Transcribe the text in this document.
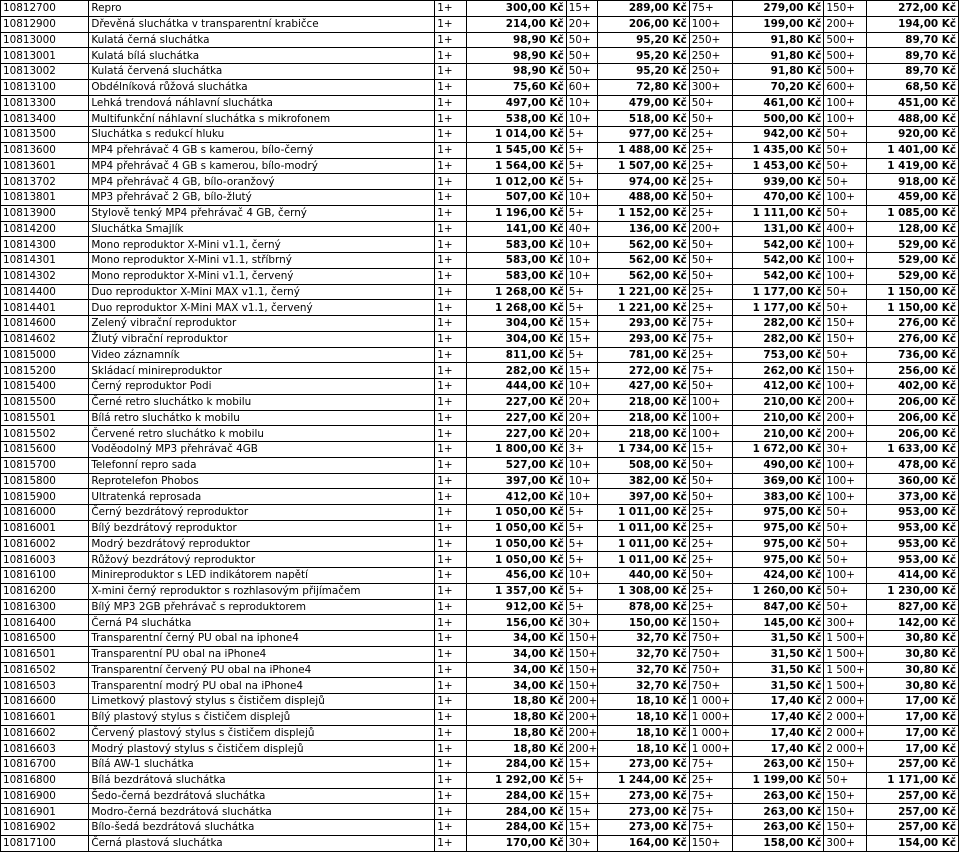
10812700	Repro	1+	300,00 Kč	15+	289,00 Kč	75+	279,00 Kč	150+	272,00 Kč
10812900	Dřevěná sluchátka v transparentní krabičce	1+	214,00 Kč	20+	206,00 Kč	100+	199,00 Kč	200+	194,00 Kč
10813000	Kulatá černá sluchátka	1+	98,90 Kč	50+	95,20 Kč	250+	91,80 Kč	500+	89,70 Kč
10813001	Kulatá bílá sluchátka	1+	98,90 Kč	50+	95,20 Kč	250+	91,80 Kč	500+	89,70 Kč
10813002	Kulatá červená sluchátka	1+	98,90 Kč	50+	95,20 Kč	250+	91,80 Kč	500+	89,70 Kč
10813100	Obdélníková růžová sluchátka	1+	75,60 Kč	60+	72,80 Kč	300+	70,20 Kč	600+	68,50 Kč
10813300	Lehká trendová náhlavní sluchátka	1+	497,00 Kč	10+	479,00 Kč	50+	461,00 Kč	100+	451,00 Kč
10813400	Multifunkční náhlavní sluchátka s mikrofonem	1+	538,00 Kč	10+	518,00 Kč	50+	500,00 Kč	100+	488,00 Kč
10813500	Sluchátka s redukcí hluku	1+	1 014,00 Kč	5+	977,00 Kč	25+	942,00 Kč	50+	920,00 Kč
10813600	MP4 přehrávač 4 GB s kamerou, bílo-černý	1+	1 545,00 Kč	5+	1 488,00 Kč	25+	1 435,00 Kč	50+	1 401,00 Kč
10813601	MP4 přehrávač 4 GB s kamerou, bílo-modrý	1+	1 564,00 Kč	5+	1 507,00 Kč	25+	1 453,00 Kč	50+	1 419,00 Kč
10813702	MP4 přehrávač 4 GB, bílo-oranžový	1+	1 012,00 Kč	5+	974,00 Kč	25+	939,00 Kč	50+	918,00 Kč
10813801	MP3 přehrávač 2 GB, bílo-žlutý	1+	507,00 Kč	10+	488,00 Kč	50+	470,00 Kč	100+	459,00 Kč
10813900	Stylově tenký MP4 přehrávač 4 GB, černý	1+	1 196,00 Kč	5+	1 152,00 Kč	25+	1 111,00 Kč	50+	1 085,00 Kč
10814200	Sluchátka Smajlík	1+	141,00 Kč	40+	136,00 Kč	200+	131,00 Kč	400+	128,00 Kč
10814300	Mono reproduktor X-Mini v1.1, černý	1+	583,00 Kč	10+	562,00 Kč	50+	542,00 Kč	100+	529,00 Kč
10814301	Mono reproduktor X-Mini v1.1, stříbrný	1+	583,00 Kč	10+	562,00 Kč	50+	542,00 Kč	100+	529,00 Kč
10814302	Mono reproduktor X-Mini v1.1, červený	1+	583,00 Kč	10+	562,00 Kč	50+	542,00 Kč	100+	529,00 Kč
10814400	Duo reproduktor X-Mini MAX v1.1, černý	1+	1 268,00 Kč	5+	1 221,00 Kč	25+	1 177,00 Kč	50+	1 150,00 Kč
10814401	Duo reproduktor X-Mini MAX v1.1, červený	1+	1 268,00 Kč	5+	1 221,00 Kč	25+	1 177,00 Kč	50+	1 150,00 Kč
10814600	Zelený vibrační reproduktor	1+	304,00 Kč	15+	293,00 Kč	75+	282,00 Kč	150+	276,00 Kč
10814602	Žlutý vibrační reproduktor	1+	304,00 Kč	15+	293,00 Kč	75+	282,00 Kč	150+	276,00 Kč
10815000	Video záznamník	1+	811,00 Kč	5+	781,00 Kč	25+	753,00 Kč	50+	736,00 Kč
10815200	Skládací minireproduktor	1+	282,00 Kč	15+	272,00 Kč	75+	262,00 Kč	150+	256,00 Kč
10815400	Černý reproduktor Podi	1+	444,00 Kč	10+	427,00 Kč	50+	412,00 Kč	100+	402,00 Kč
10815500	Černé retro sluchátko k mobilu	1+	227,00 Kč	20+	218,00 Kč	100+	210,00 Kč	200+	206,00 Kč
10815501	Bílá retro sluchátko k mobilu	1+	227,00 Kč	20+	218,00 Kč	100+	210,00 Kč	200+	206,00 Kč
10815502	Červené retro sluchátko k mobilu	1+	227,00 Kč	20+	218,00 Kč	100+	210,00 Kč	200+	206,00 Kč
10815600	Voděodolný MP3 přehrávač 4GB	1+	1 800,00 Kč	3+	1 734,00 Kč	15+	1 672,00 Kč	30+	1 633,00 Kč
10815700	Telefonní repro sada	1+	527,00 Kč	10+	508,00 Kč	50+	490,00 Kč	100+	478,00 Kč
10815800	Reprotelefon Phobos	1+	397,00 Kč	10+	382,00 Kč	50+	369,00 Kč	100+	360,00 Kč
10815900	Ultratenká reprosada	1+	412,00 Kč	10+	397,00 Kč	50+	383,00 Kč	100+	373,00 Kč
10816000	Černý bezdrátový reproduktor	1+	1 050,00 Kč	5+	1 011,00 Kč	25+	975,00 Kč	50+	953,00 Kč
10816001	Bílý bezdrátový reproduktor	1+	1 050,00 Kč	5+	1 011,00 Kč	25+	975,00 Kč	50+	953,00 Kč
10816002	Modrý bezdrátový reproduktor	1+	1 050,00 Kč	5+	1 011,00 Kč	25+	975,00 Kč	50+	953,00 Kč
10816003	Růžový bezdrátový reproduktor	1+	1 050,00 Kč	5+	1 011,00 Kč	25+	975,00 Kč	50+	953,00 Kč
10816100	Minireproduktor s LED indikátorem napětí	1+	456,00 Kč	10+	440,00 Kč	50+	424,00 Kč	100+	414,00 Kč
10816200	X-mini černý reproduktor s rozhlasovým přijímačem	1+	1 357,00 Kč	5+	1 308,00 Kč	25+	1 260,00 Kč	50+	1 230,00 Kč
10816300	Bílý MP3 2GB přehrávač s reproduktorem	1+	912,00 Kč	5+	878,00 Kč	25+	847,00 Kč	50+	827,00 Kč
10816400	Černá P4 sluchátka	1+	156,00 Kč	30+	150,00 Kč	150+	145,00 Kč	300+	142,00 Kč
10816500	Transparentní černý PU obal na iphone4	1+	34,00 Kč	150+	32,70 Kč	750+	31,50 Kč	1 500+	30,80 Kč
10816501	Transparentní PU obal na iPhone4	1+	34,00 Kč	150+	32,70 Kč	750+	31,50 Kč	1 500+	30,80 Kč
10816502	Transparentní červený PU obal na iPhone4	1+	34,00 Kč	150+	32,70 Kč	750+	31,50 Kč	1 500+	30,80 Kč
10816503	Transparentní modrý PU obal na iPhone4	1+	34,00 Kč	150+	32,70 Kč	750+	31,50 Kč	1 500+	30,80 Kč
10816600	Limetkový plastový stylus s čističem displejů	1+	18,80 Kč	200+	18,10 Kč	1 000+	17,40 Kč	2 000+	17,00 Kč
10816601	Bílý plastový stylus s čističem displejů	1+	18,80 Kč	200+	18,10 Kč	1 000+	17,40 Kč	2 000+	17,00 Kč
10816602	Červený plastový stylus s čističem displejů	1+	18,80 Kč	200+	18,10 Kč	1 000+	17,40 Kč	2 000+	17,00 Kč
10816603	Modrý plastový stylus s čističem displejů	1+	18,80 Kč	200+	18,10 Kč	1 000+	17,40 Kč	2 000+	17,00 Kč
10816700	Bílá AW-1 sluchátka	1+	284,00 Kč	15+	273,00 Kč	75+	263,00 Kč	150+	257,00 Kč
10816800	Bílá bezdrátová sluchátka	1+	1 292,00 Kč	5+	1 244,00 Kč	25+	1 199,00 Kč	50+	1 171,00 Kč
10816900	Šedo-černá bezdrátová sluchátka	1+	284,00 Kč	15+	273,00 Kč	75+	263,00 Kč	150+	257,00 Kč
10816901	Modro-černá bezdrátová sluchátka	1+	284,00 Kč	15+	273,00 Kč	75+	263,00 Kč	150+	257,00 Kč
10816902	Bílo-šedá bezdrátová sluchátka	1+	284,00 Kč	15+	273,00 Kč	75+	263,00 Kč	150+	257,00 Kč
10817100	Černá plastová sluchátka	1+	170,00 Kč	30+	164,00 Kč	150+	158,00 Kč	300+	154,00 Kč
